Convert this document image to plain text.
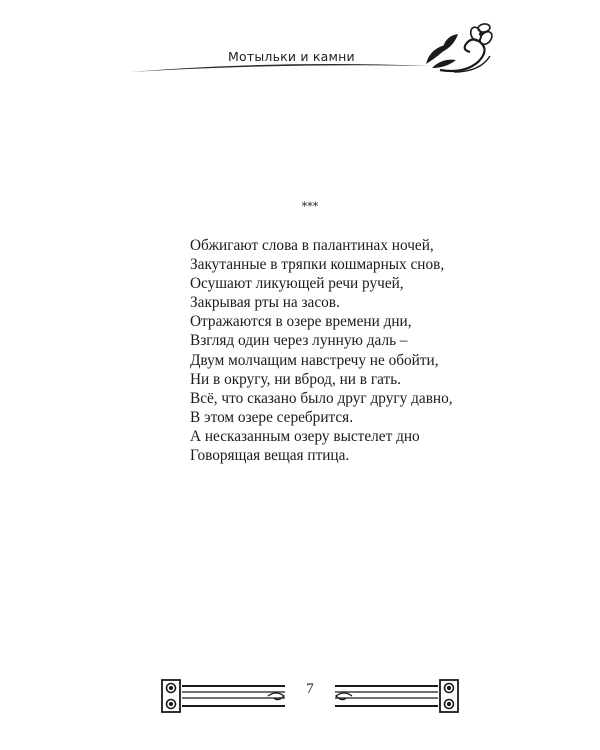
Мотыльки и камни
***
Обжигают слова в палантинах ночей,
Закутанные в тряпки кошмарных снов,
Осушают ликующей речи ручей,
Закрывая рты на засов.
Отражаются в озере времени дни,
Взгляд один через лунную даль –
Двум молчащим навстречу не обойти,
Ни в округу, ни вброд, ни в гать.
Всё, что сказано было друг другу давно,
В этом озере серебрится.
А несказанным озеру выстелет дно
Говорящая вещая птица.
7
